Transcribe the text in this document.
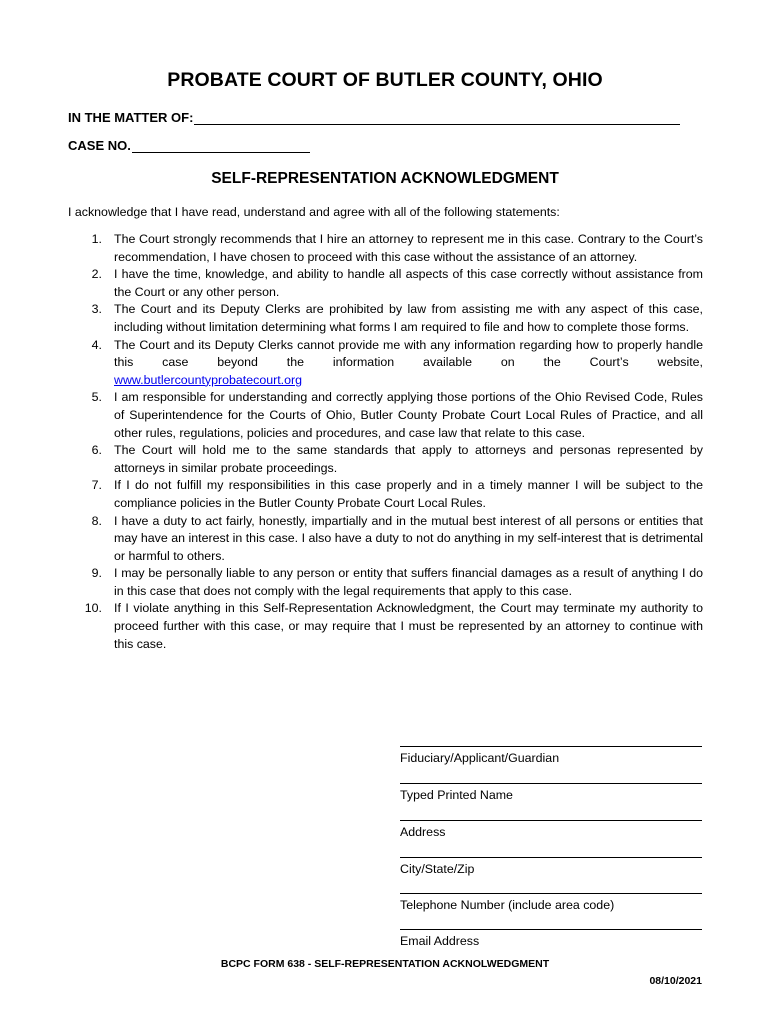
PROBATE COURT OF BUTLER COUNTY, OHIO
IN THE MATTER OF:
CASE NO.
SELF-REPRESENTATION ACKNOWLEDGMENT

I acknowledge that I have read, understand and agree with all of the following statements:

1. The Court strongly recommends that I hire an attorney to represent me in this case. Contrary to the Court’s recommendation, I have chosen to proceed with this case without the assistance of an attorney.
2. I have the time, knowledge, and ability to handle all aspects of this case correctly without assistance from the Court or any other person.
3. The Court and its Deputy Clerks are prohibited by law from assisting me with any aspect of this case, including without limitation determining what forms I am required to file and how to complete those forms.
4. The Court and its Deputy Clerks cannot provide me with any information regarding how to properly handle this case beyond the information available on the Court’s website,
www.butlercountyprobatecourt.org
5. I am responsible for understanding and correctly applying those portions of the Ohio Revised Code, Rules of Superintendence for the Courts of Ohio, Butler County Probate Court Local Rules of Practice, and all other rules, regulations, policies and procedures, and case law that relate to this case.
6. The Court will hold me to the same standards that apply to attorneys and personas represented by attorneys in similar probate proceedings.
7. If I do not fulfill my responsibilities in this case properly and in a timely manner I will be subject to the compliance policies in the Butler County Probate Court Local Rules.
8. I have a duty to act fairly, honestly, impartially and in the mutual best interest of all persons or entities that may have an interest in this case. I also have a duty to not do anything in my self-interest that is detrimental or harmful to others.
9. I may be personally liable to any person or entity that suffers financial damages as a result of anything I do in this case that does not comply with the legal requirements that apply to this case.
10. If I violate anything in this Self-Representation Acknowledgment, the Court may terminate my authority to proceed further with this case, or may require that I must be represented by an attorney to continue with this case.
Fiduciary/Applicant/Guardian
Typed Printed Name
Address
City/State/Zip
Telephone Number (include area code)
Email Address
BCPC FORM 638 - SELF-REPRESENTATION ACKNOLWEDGMENT
08/10/2021
